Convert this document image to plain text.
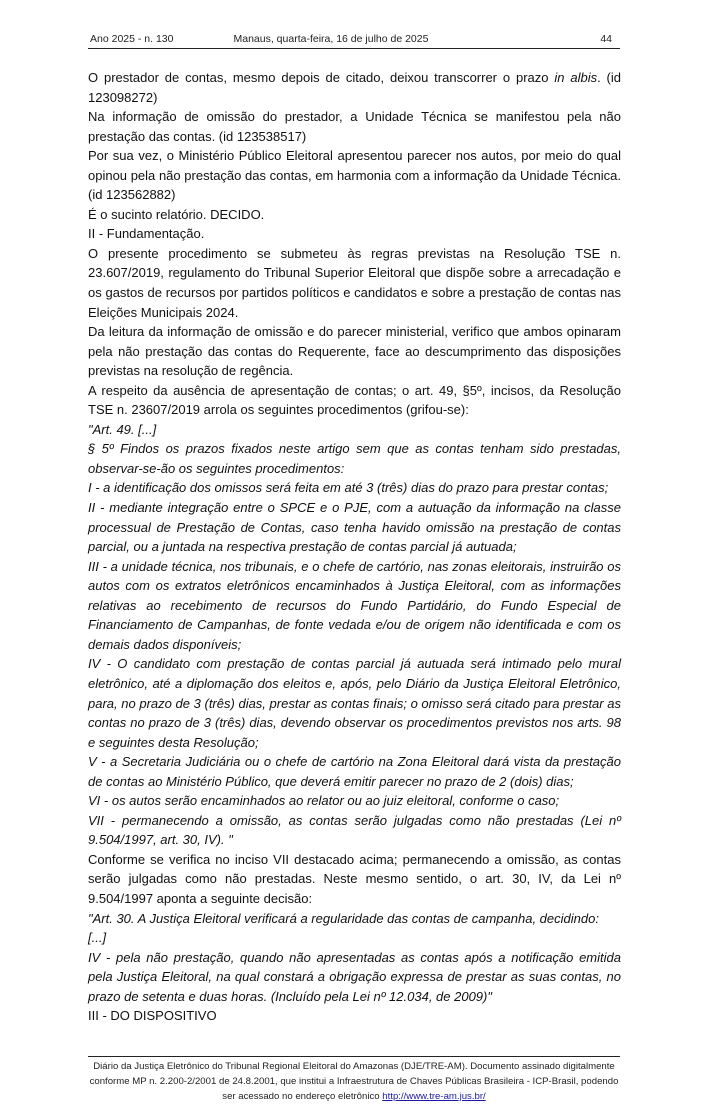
Ano 2025 - n. 130	Manaus, quarta-feira, 16 de julho de 2025	44

O prestador de contas, mesmo depois de citado, deixou transcorrer o prazo in albis. (id 123098272)

Na informação de omissão do prestador, a Unidade Técnica se manifestou pela não prestação das contas. (id 123538517)

Por sua vez, o Ministério Público Eleitoral apresentou parecer nos autos, por meio do qual opinou pela não prestação das contas, em harmonia com a informação da Unidade Técnica. (id 123562882)

É o sucinto relatório. DECIDO.

II - Fundamentação.

O presente procedimento se submeteu às regras previstas na Resolução TSE n. 23.607/2019, regulamento do Tribunal Superior Eleitoral que dispõe sobre a arrecadação e os gastos de recursos por partidos políticos e candidatos e sobre a prestação de contas nas Eleições Municipais 2024.

Da leitura da informação de omissão e do parecer ministerial, verifico que ambos opinaram pela não prestação das contas do Requerente, face ao descumprimento das disposições previstas na resolução de regência.

A respeito da ausência de apresentação de contas; o art. 49, §5º, incisos, da Resolução TSE n. 23607/2019 arrola os seguintes procedimentos (grifou-se):

"Art. 49. [...]

§ 5º Findos os prazos fixados neste artigo sem que as contas tenham sido prestadas, observar-se-ão os seguintes procedimentos:

I - a identificação dos omissos será feita em até 3 (três) dias do prazo para prestar contas;

II - mediante integração entre o SPCE e o PJE, com a autuação da informação na classe processual de Prestação de Contas, caso tenha havido omissão na prestação de contas parcial, ou a juntada na respectiva prestação de contas parcial já autuada;

III - a unidade técnica, nos tribunais, e o chefe de cartório, nas zonas eleitorais, instruirão os autos com os extratos eletrônicos encaminhados à Justiça Eleitoral, com as informações relativas ao recebimento de recursos do Fundo Partidário, do Fundo Especial de Financiamento de Campanhas, de fonte vedada e/ou de origem não identificada e com os demais dados disponíveis;

IV - O candidato com prestação de contas parcial já autuada será intimado pelo mural eletrônico, até a diplomação dos eleitos e, após, pelo Diário da Justiça Eleitoral Eletrônico, para, no prazo de 3 (três) dias, prestar as contas finais; o omisso será citado para prestar as contas no prazo de 3 (três) dias, devendo observar os procedimentos previstos nos arts. 98 e seguintes desta Resolução;

V - a Secretaria Judiciária ou o chefe de cartório na Zona Eleitoral dará vista da prestação de contas ao Ministério Público, que deverá emitir parecer no prazo de 2 (dois) dias;

VI - os autos serão encaminhados ao relator ou ao juiz eleitoral, conforme o caso;

VII - permanecendo a omissão, as contas serão julgadas como não prestadas (Lei nº 9.504/1997, art. 30, IV). "

Conforme se verifica no inciso VII destacado acima; permanecendo a omissão, as contas serão julgadas como não prestadas. Neste mesmo sentido, o art. 30, IV, da Lei nº 9.504/1997 aponta a seguinte decisão:

"Art. 30. A Justiça Eleitoral verificará a regularidade das contas de campanha, decidindo:

[...]

IV - pela não prestação, quando não apresentadas as contas após a notificação emitida pela Justiça Eleitoral, na qual constará a obrigação expressa de prestar as suas contas, no prazo de setenta e duas horas. (Incluído pela Lei nº 12.034, de 2009)"

III - DO DISPOSITIVO

Diário da Justiça Eletrônico do Tribunal Regional Eleitoral do Amazonas (DJE/TRE-AM). Documento assinado digitalmente
conforme MP n. 2.200-2/2001 de 24.8.2001, que institui a Infraestrutura de Chaves Públicas Brasileira - ICP-Brasil, podendo
ser acessado no endereço eletrônico http://www.tre-am.jus.br/
